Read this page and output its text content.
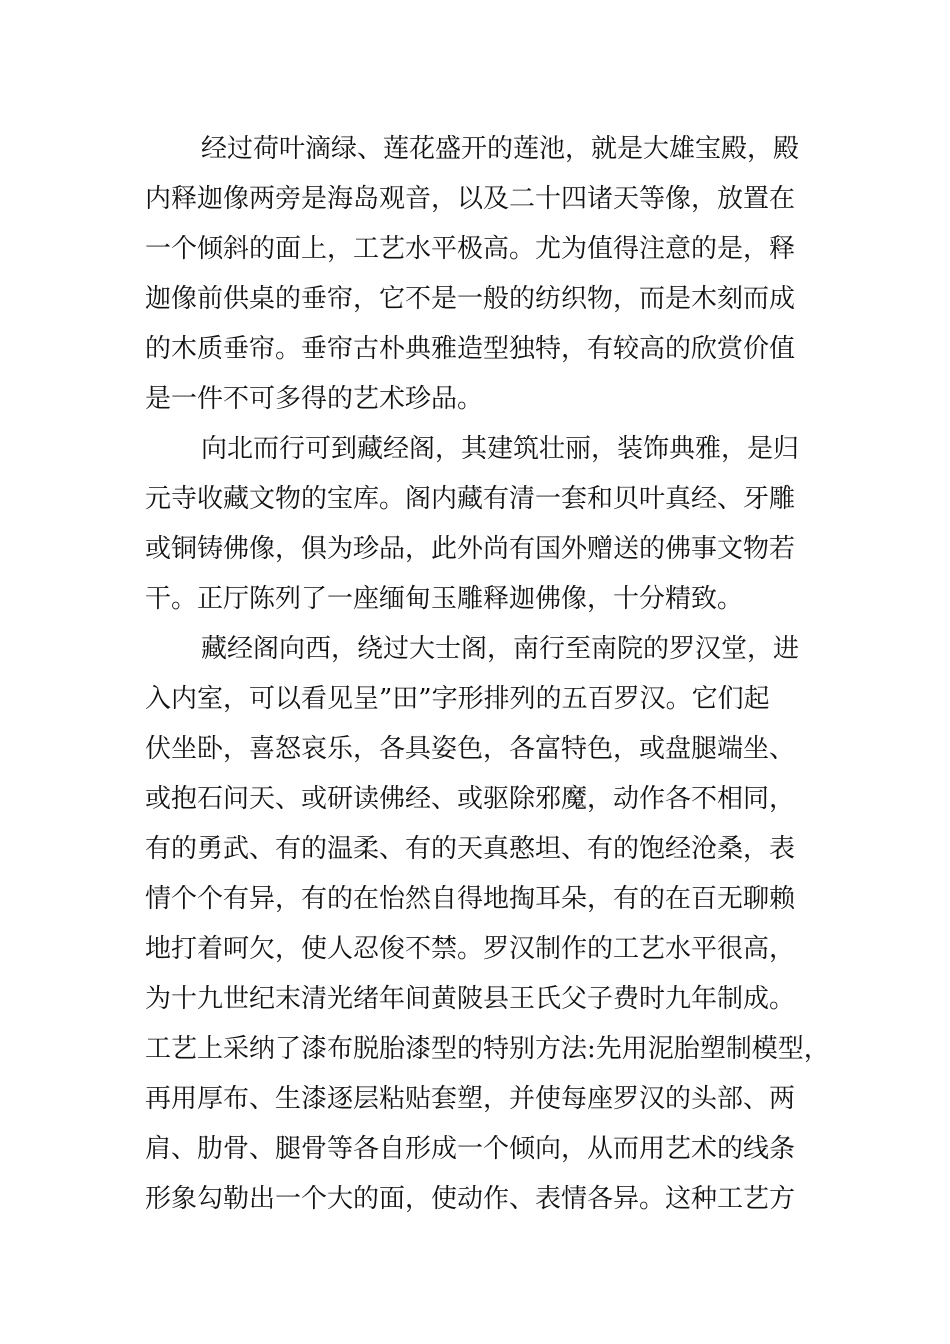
经过荷叶滴绿、莲花盛开的莲池，就是大雄宝殿，殿
内释迦像两旁是海岛观音，以及二十四诸天等像，放置在
一个倾斜的面上，工艺水平极高。尤为值得注意的是，释
迦像前供桌的垂帘，它不是一般的纺织物，而是木刻而成
的木质垂帘。垂帘古朴典雅造型独特，有较高的欣赏价值
是一件不可多得的艺术珍品。
向北而行可到藏经阁，其建筑壮丽，装饰典雅，是归
元寺收藏文物的宝库。阁内藏有清一套和贝叶真经、牙雕
或铜铸佛像，俱为珍品，此外尚有国外赠送的佛事文物若
干。正厅陈列了一座缅甸玉雕释迦佛像，十分精致。
藏经阁向西，绕过大士阁，南行至南院的罗汉堂，进
入内室，可以看见呈”田”字形排列的五百罗汉。它们起
伏坐卧，喜怒哀乐，各具姿色，各富特色，或盘腿端坐、
或抱石问天、或研读佛经、或驱除邪魔，动作各不相同，
有的勇武、有的温柔、有的天真憨坦、有的饱经沧桑，表
情个个有异，有的在怡然自得地掏耳朵，有的在百无聊赖
地打着呵欠，使人忍俊不禁。罗汉制作的工艺水平很高，
为十九世纪末清光绪年间黄陂县王氏父子费时九年制成。
工艺上采纳了漆布脱胎漆型的特别方法:先用泥胎塑制模型，
再用厚布、生漆逐层粘贴套塑，并使每座罗汉的头部、两
肩、肋骨、腿骨等各自形成一个倾向，从而用艺术的线条
形象勾勒出一个大的面，使动作、表情各异。这种工艺方
